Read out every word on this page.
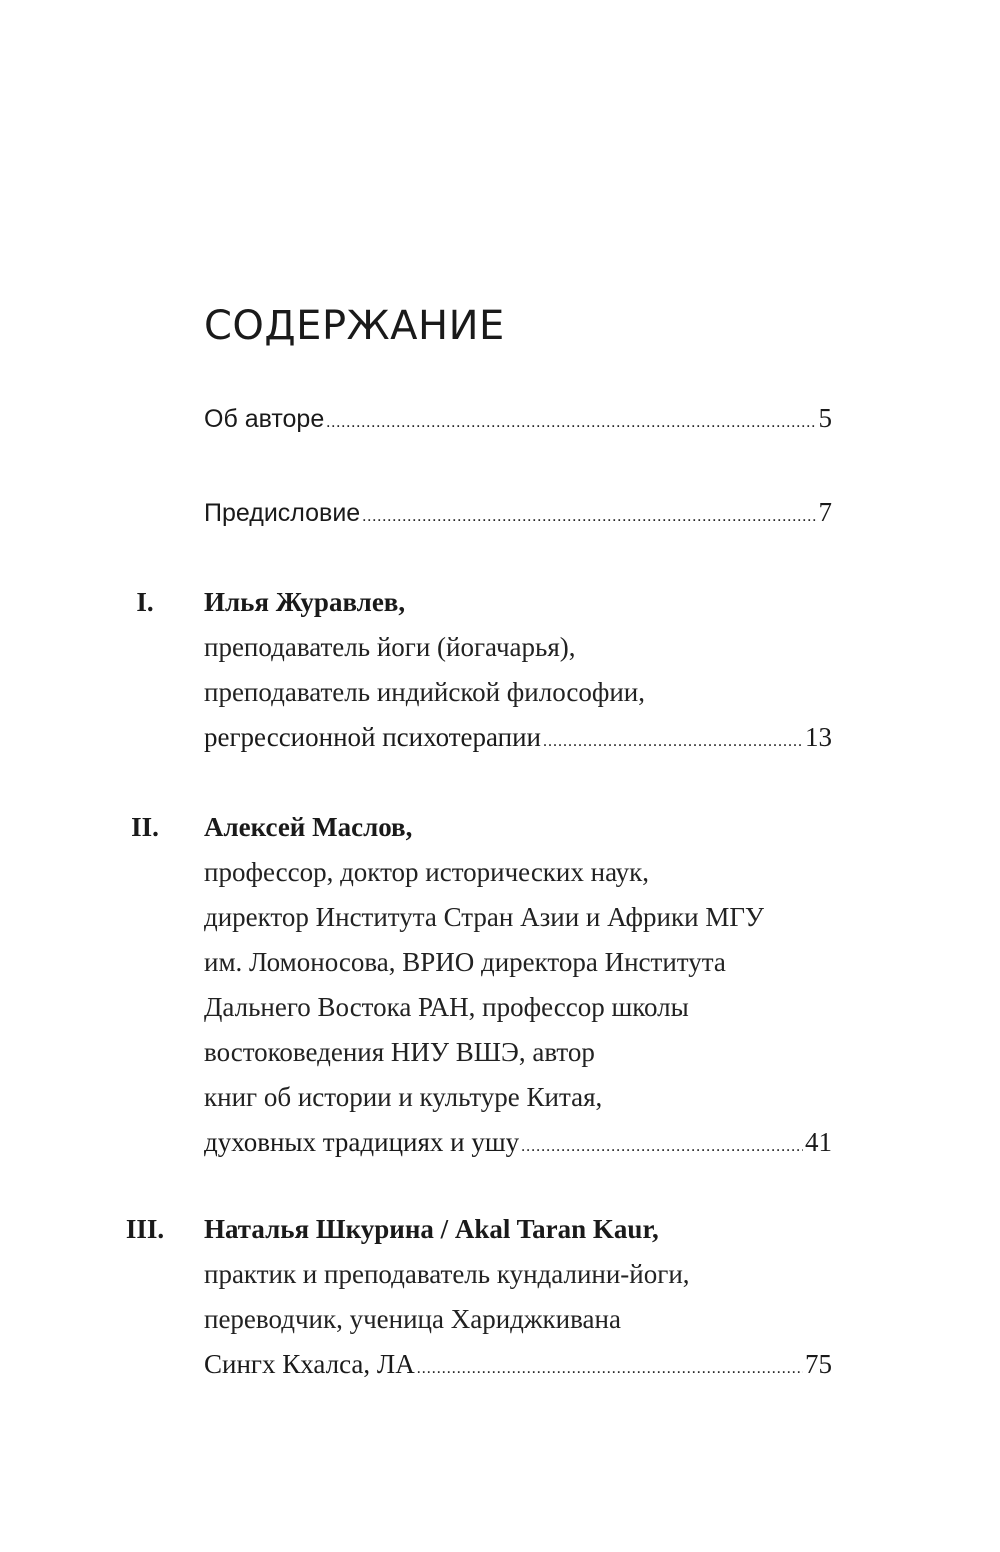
СОДЕРЖАНИЕ
Об авторе .....	5
Предисловие .....	7
I.	Илья Журавлев,
преподаватель йоги (йогачарья),
преподаватель индийской философии,
регрессионной психотерапии .....	13
II.	Алексей Маслов,
профессор, доктор исторических наук,
директор Института Стран Азии и Африки МГУ
им. Ломоносова, ВРИО директора Института
Дальнего Востока РАН, профессор школы
востоковедения НИУ ВШЭ, автор
книг об истории и культуре Китая,
духовных традициях и ушу .....	41
III.	Наталья Шкурина / Akal Taran Kaur,
практик и преподаватель кундалини-йоги,
переводчик, ученица Хариджкивана
Сингх Кхалса, ЛА .....	75
